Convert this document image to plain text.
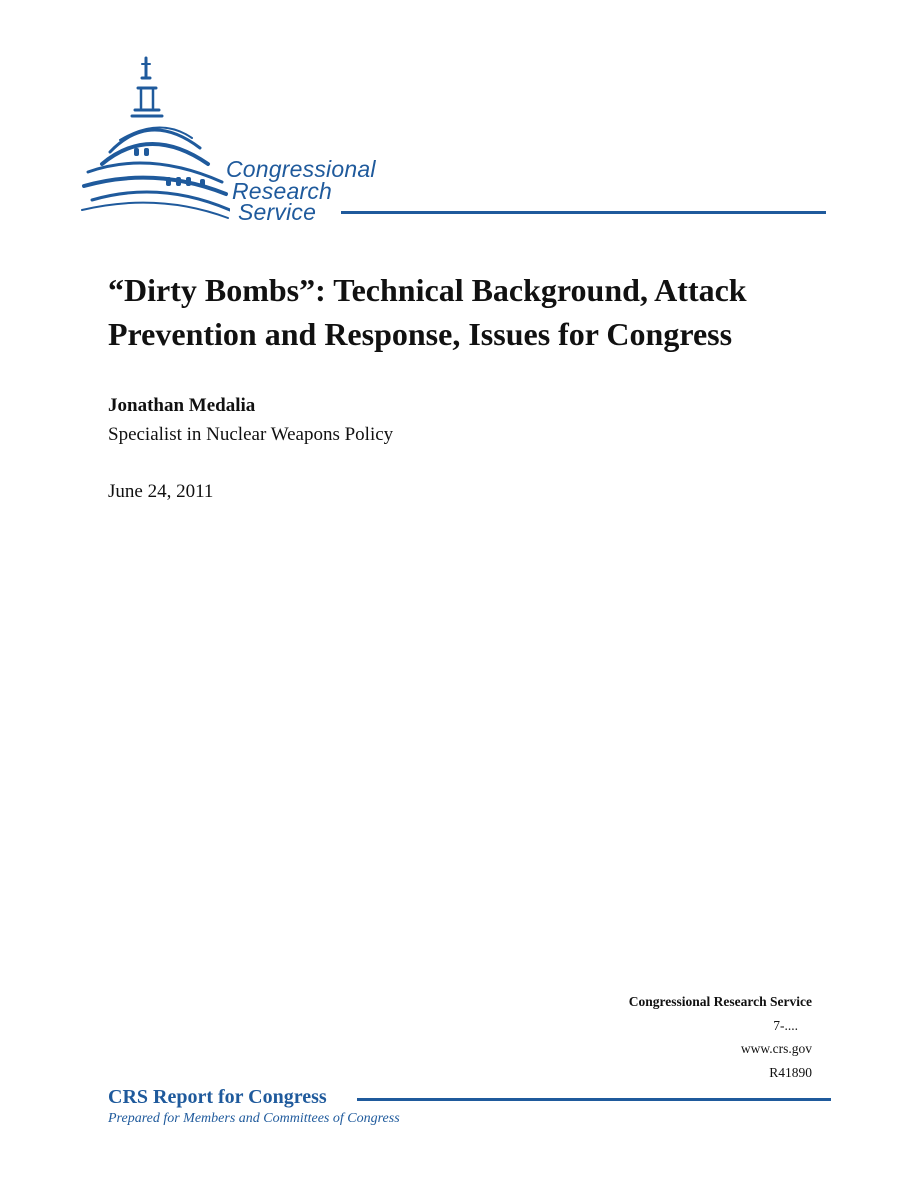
Congressional
Research
Service
“Dirty Bombs”: Technical Background, Attack Prevention and Response, Issues for Congress
Jonathan Medalia
Specialist in Nuclear Weapons Policy
June 24, 2011
Congressional Research Service
7-....
www.crs.gov
R41890
CRS Report for Congress
Prepared for Members and Committees of Congress
